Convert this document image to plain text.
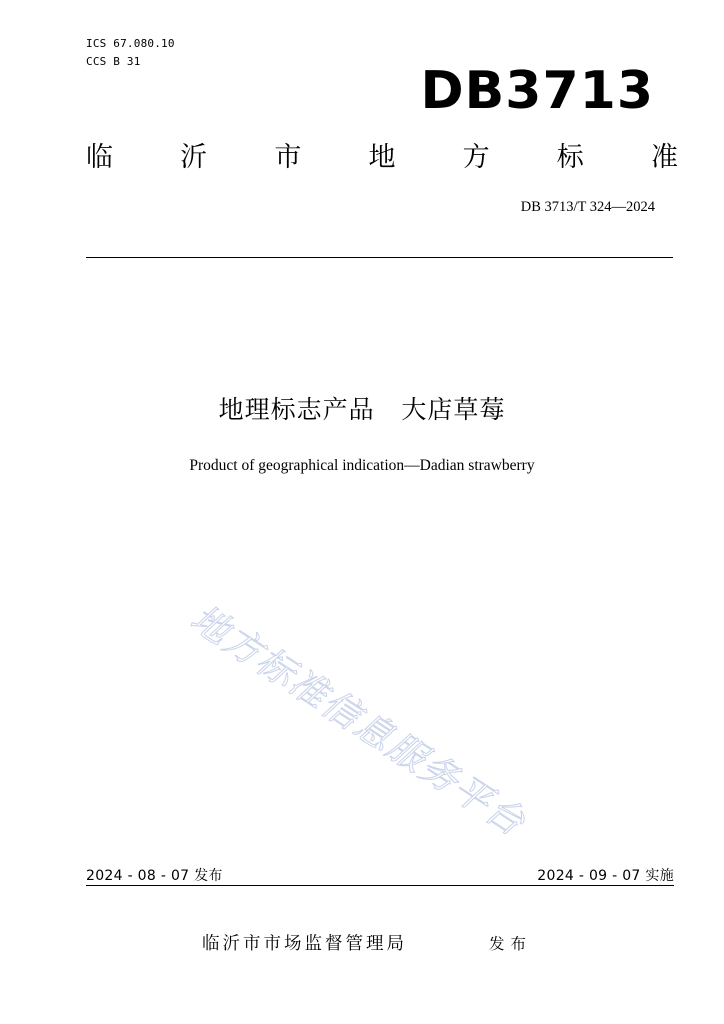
ICS 67.080.10
CCS B 31	DB3713
临 沂 市 地 方 标 准
DB 3713/T 324—2024
地理标志产品   大店草莓
Product of geographical indication—Dadian strawberry
地方标准信息服务平台
2024 - 08 - 07 发布	2024 - 09 - 07 实施
临沂市市场监督管理局	发布
